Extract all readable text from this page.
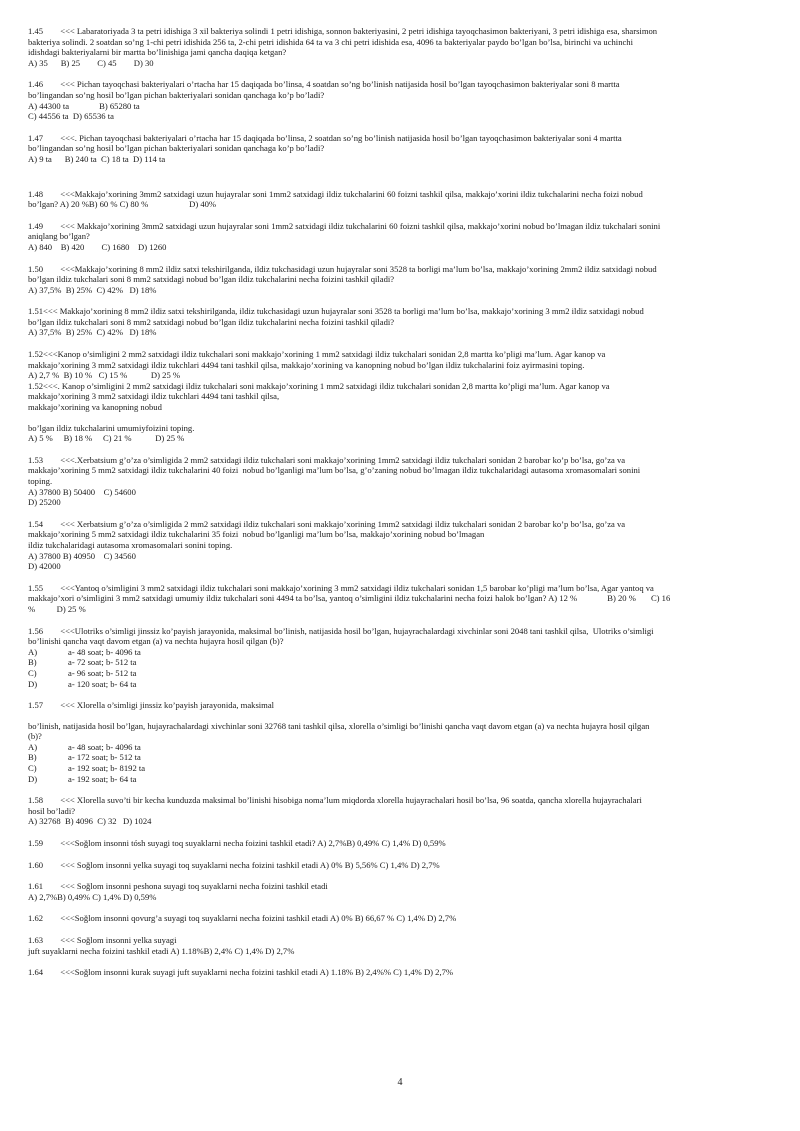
1.45        <<< Labaratoriyada 3 ta petri idishiga 3 xil bakteriya solindi 1 petri idishiga, sonnon bakteriyasini, 2 petri idishiga tayoqchasimon bakteriyani, 3 petri idishiga esa, sharsimon

bakteriya solindi. 2 soatdan so’ng 1-chi petri idishida 256 ta, 2-chi petri idishida 64 ta va 3 chi petri idishida esa, 4096 ta bakteriyalar paydo bo’lgan bo’lsa, birinchi va uchinchi

idishdagi bakteriyalarni bir martta bo’linishiga jami qancha daqiqa ketgan?

A) 35      B) 25        C) 45        D) 30

1.46        <<< Pichan tayoqchasi bakteriyalari o’rtacha har 15 daqiqada bo’linsa, 4 soatdan so’ng bo’linish natijasida hosil bo’lgan tayoqchasimon bakteriyalar soni 8 martta

bo’lingandan so’ng hosil bo’lgan pichan bakteriyalari sonidan qanchaga ko’p bo’ladi?

A) 44300 ta              B) 65280 ta

C) 44556 ta  D) 65536 ta

1.47        <<<. Pichan tayoqchasi bakteriyalari o’rtacha har 15 daqiqada bo’linsa, 2 soatdan so’ng bo’linish natijasida hosil bo’lgan tayoqchasimon bakteriyalar soni 4 martta

bo’lingandan so’ng hosil bo’lgan pichan bakteriyalari sonidan qanchaga ko’p bo’ladi?

A) 9 ta      B) 240 ta  C) 18 ta  D) 114 ta

1.48        <<<Makkajo’xorining 3mm2 satxidagi uzun hujayralar soni 1mm2 satxidagi ildiz tukchalarini 60 foizni tashkil qilsa, makkajo’xorini ildiz tukchalarini necha foizi nobud

bo’lgan? A) 20 %B) 60 % C) 80 %                   D) 40%

1.49        <<< Makkajo’xorining 3mm2 satxidagi uzun hujayralar soni 1mm2 satxidagi ildiz tukchalarini 60 foizni tashkil qilsa, makkajo’xorini nobud bo’lmagan ildiz tukchalari sonini

aniqlang bo’lgan?

A) 840    B) 420        C) 1680    D) 1260

1.50        <<<Makkajo’xorining 8 mm2 ildiz satxi tekshirilganda, ildiz tukchasidagi uzun hujayralar soni 3528 ta borligi ma’lum bo’lsa, makkajo’xorining 2mm2 ildiz satxidagi nobud

bo’lgan ildiz tukchalari soni 8 mm2 satxidagi nobud bo’lgan ildiz tukchalarini necha foizini tashkil qiladi?

A) 37,5%  B) 25%  C) 42%   D) 18%

1.51<<< Makkajo’xorining 8 mm2 ildiz satxi tekshirilganda, ildiz tukchasidagi uzun hujayralar soni 3528 ta borligi ma’lum bo’lsa, makkajo’xorining 3 mm2 ildiz satxidagi nobud

bo’lgan ildiz tukchalari soni 8 mm2 satxidagi nobud bo’lgan ildiz tukchalarini necha foizini tashkil qiladi?

A) 37,5%  B) 25%  C) 42%   D) 18%

1.52<<<Kanop o’simligini 2 mm2 satxidagi ildiz tukchalari soni makkajo’xorining 1 mm2 satxidagi ildiz tukchalari sonidan 2,8 martta ko’pligi ma’lum. Agar kanop va

makkajo’xorining 3 mm2 satxidagi ildiz tukchlari 4494 tani tashkil qilsa, makkajo’xorining va kanopning nobud bo’lgan ildiz tukchalarini foiz ayirmasini toping.

A) 2,7 %  B) 10 %   C) 15 %           D) 25 %

1.52<<<. Kanop o’simligini 2 mm2 satxidagi ildiz tukchalari soni makkajo’xorining 1 mm2 satxidagi ildiz tukchalari sonidan 2,8 martta ko’pligi ma’lum. Agar kanop va

makkajo’xorining 3 mm2 satxidagi ildiz tukchlari 4494 tani tashkil qilsa,

makkajo’xorining va kanopning nobud

bo’lgan ildiz tukchalarini umumiyfoizini toping.

A) 5 %     B) 18 %     C) 21 %           D) 25 %

1.53        <<<.Xerbatsium g’o’za o’simligida 2 mm2 satxidagi ildiz tukchalari soni makkajo’xorining 1mm2 satxidagi ildiz tukchalari sonidan 2 barobar ko’p bo’lsa, go’za va

makkajo’xorining 5 mm2 satxidagi ildiz tukchalarini 40 foizi  nobud bo’lganligi ma’lum bo’lsa, g’o’zaning nobud bo’lmagan ildiz tukchalaridagi autasoma xromasomalari sonini

toping.

A) 37800 B) 50400    C) 54600

D) 25200

1.54        <<< Xerbatsium g’o’za o’simligida 2 mm2 satxidagi ildiz tukchalari soni makkajo’xorining 1mm2 satxidagi ildiz tukchalari sonidan 2 barobar ko’p bo’lsa, go’za va

makkajo’xorining 5 mm2 satxidagi ildiz tukchalarini 35 foizi  nobud bo’lganligi ma’lum bo’lsa, makkajo’xorining nobud bo’lmagan

ildiz tukchalaridagi autasoma xromasomalari sonini toping.

A) 37800 B) 40950    C) 34560

D) 42000

1.55        <<<Yantoq o’simligini 3 mm2 satxidagi ildiz tukchalari soni makkajo’xorining 3 mm2 satxidagi ildiz tukchalari sonidan 1,5 barobar ko’pligi ma’lum bo’lsa, Agar yantoq va

makkajo’xori o’simligini 3 mm2 satxidagi umumiy ildiz tukchalari soni 4494 ta bo’lsa, yantoq o’simligini ildiz tukchalarini necha foizi halok bo’lgan? A) 12 %              B) 20 %       C) 16

%          D) 25 %

1.56        <<<Ulotriks o’simligi jinssiz ko’payish jarayonida, maksimal bo’linish, natijasida hosil bo’lgan, hujayrachalardagi xivchinlar soni 2048 tani tashkil qilsa,  Ulotriks o’simligi

bo’linishi qancha vaqt davom etgan (a) va nechta hujayra hosil qilgan (b)?

A)	a- 48 soat; b- 4096 ta
B)	a- 72 soat; b- 512 ta
C)	a- 96 soat; b- 512 ta
D)	a- 120 soat; b- 64 ta

1.57        <<< Xlorella o’simligi jinssiz ko’payish jarayonida, maksimal

bo’linish, natijasida hosil bo’lgan, hujayrachalardagi xivchinlar soni 32768 tani tashkil qilsa, xlorella o’simligi bo’linishi qancha vaqt davom etgan (a) va nechta hujayra hosil qilgan

(b)?

A)	a- 48 soat; b- 4096 ta
B)	a- 172 soat; b- 512 ta
C)	a- 192 soat; b- 8192 ta
D)	a- 192 soat; b- 64 ta

1.58        <<< Xlorella suvo’ti bir kecha kunduzda maksimal bo’linishi hisobiga noma’lum miqdorda xlorella hujayrachalari hosil bo’lsa, 96 soatda, qancha xlorella hujayrachalari

hosil bo’ladi?

A) 32768  B) 4096  C) 32   D) 1024

1.59        <<<Soğlom insonni tósh suyagi toq suyaklarni necha foizini tashkil etadi? A) 2,7%B) 0,49% C) 1,4% D) 0,59%

1.60        <<< Soğlom insonni yelka suyagi toq suyaklarni necha foizini tashkil etadi A) 0% B) 5,56% C) 1,4% D) 2,7%

1.61        <<< Soğlom insonni peshona suyagi toq suyaklarni necha foizini tashkil etadi

A) 2,7%B) 0,49% C) 1,4% D) 0,59%

1.62        <<<Soğlom insonni qovurg’a suyagi toq suyaklarni necha foizini tashkil etadi A) 0% B) 66,67 % C) 1,4% D) 2,7%

1.63        <<< Soğlom insonni yelka suyagi

juft suyaklarni necha foizini tashkil etadi A) 1.18%B) 2,4% C) 1,4% D) 2,7%

1.64        <<<Soğlom insonni kurak suyagi juft suyaklarni necha foizini tashkil etadi A) 1.18% B) 2,4%% C) 1,4% D) 2,7%

4
